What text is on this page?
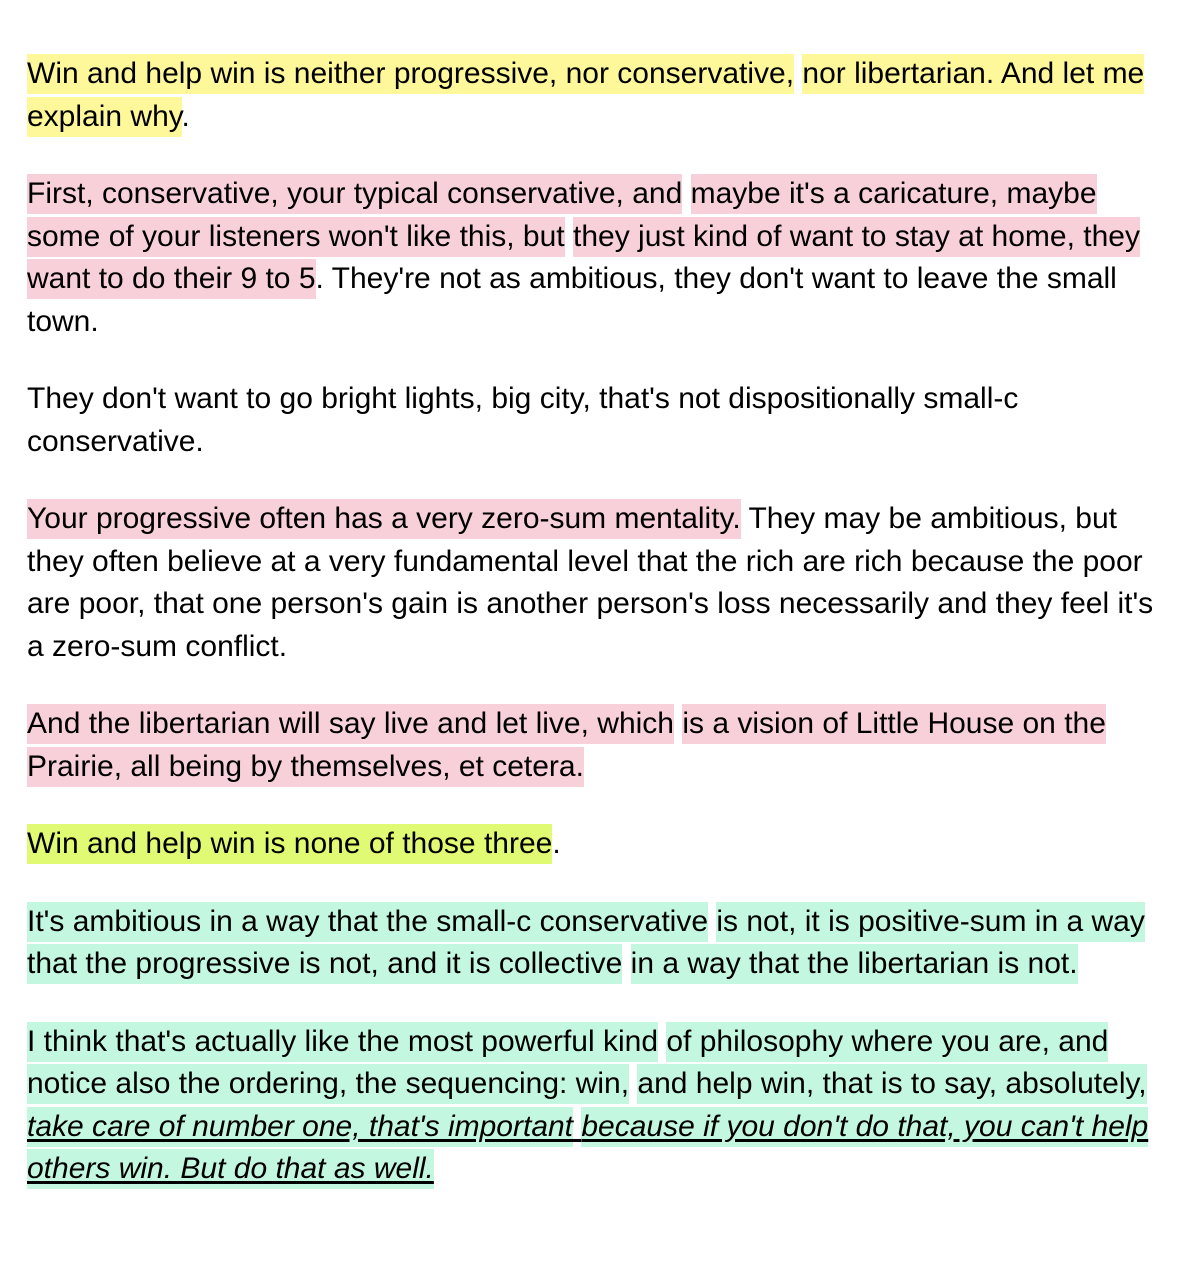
Win and help win is neither progressive, nor conservative, nor libertarian. And let me explain why.

First, conservative, your typical conservative, and maybe it's a caricature, maybe some of your listeners won't like this, but they just kind of want to stay at home, they want to do their 9 to 5. They're not as ambitious, they don't want to leave the small town.

They don't want to go bright lights, big city, that's not dispositionally small-c conservative.

Your progressive often has a very zero-sum mentality. They may be ambitious, but they often believe at a very fundamental level that the rich are rich because the poor are poor, that one person's gain is another person's loss necessarily and they feel it's a zero-sum conflict.

And the libertarian will say live and let live, which is a vision of Little House on the Prairie, all being by themselves, et cetera.

Win and help win is none of those three.

It's ambitious in a way that the small-c conservative is not, it is positive-sum in a way that the progressive is not, and it is collective in a way that the libertarian is not.

I think that's actually like the most powerful kind of philosophy where you are, and notice also the ordering, the sequencing: win, and help win, that is to say, absolutely, take care of number one, that's important because if you don't do that, you can't help others win. But do that as well.
